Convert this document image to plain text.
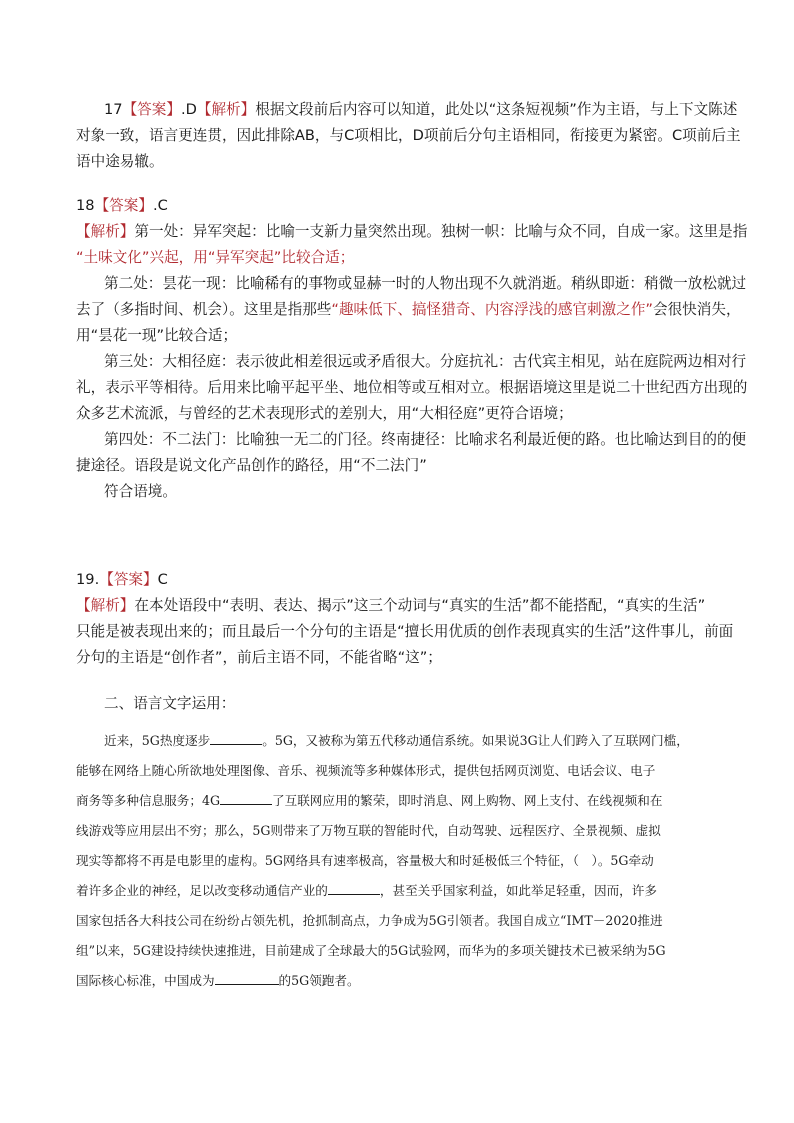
17【答案】.D【解析】根据文段前后内容可以知道，此处以“这条短视频”作为主语，与上下文陈述
对象一致，语言更连贯，因此排除AB，与C项相比，D项前后分句主语相同，衔接更为紧密。C项前后主
语中途易辙。
18【答案】.C
【解析】第一处：异军突起：比喻一支新力量突然出现。独树一帜：比喻与众不同，自成一家。这里是指
“土味文化”兴起，用“异军突起”比较合适；
第二处：昙花一现：比喻稀有的事物或显赫一时的人物出现不久就消逝。稍纵即逝：稍微一放松就过
去了（多指时间、机会）。这里是指那些“趣味低下、搞怪猎奇、内容浮浅的感官刺激之作”会很快消失，
用“昙花一现”比较合适；
第三处：大相径庭：表示彼此相差很远或矛盾很大。分庭抗礼：古代宾主相见，站在庭院两边相对行
礼，表示平等相待。后用来比喻平起平坐、地位相等或互相对立。根据语境这里是说二十世纪西方出现的
众多艺术流派，与曾经的艺术表现形式的差别大，用“大相径庭”更符合语境；
第四处：不二法门：比喻独一无二的门径。终南捷径：比喻求名利最近便的路。也比喻达到目的的便
捷途径。语段是说文化产品创作的路径，用“不二法门”
符合语境。
19.【答案】C
【解析】在本处语段中“表明、表达、揭示”这三个动词与“真实的生活”都不能搭配，“真实的生活”
只能是被表现出来的；而且最后一个分句的主语是“擅长用优质的创作表现真实的生活”这件事儿，前面
分句的主语是“创作者”，前后主语不同，不能省略“这”；
二、语言文字运用：
近来，5G热度逐步	。5G，又被称为第五代移动通信系统。如果说3G让人们跨入了互联网门槛，
能够在网络上随心所欲地处理图像、音乐、视频流等多种媒体形式，提供包括网页浏览、电话会议、电子
商务等多种信息服务；4G	了互联网应用的繁荣，即时消息、网上购物、网上支付、在线视频和在
线游戏等应用层出不穷；那么，5G则带来了万物互联的智能时代，自动驾驶、远程医疗、全景视频、虚拟
现实等都将不再是电影里的虚构。5G网络具有速率极高，容量极大和时延极低三个特征，（　）。5G牵动
着许多企业的神经，足以改变移动通信产业的	，甚至关乎国家利益，如此举足轻重，因而，许多
国家包括各大科技公司在纷纷占领先机，抢抓制高点，力争成为5G引领者。我国自成立“IMT－2020推进
组”以来，5G建设持续快速推进，目前建成了全球最大的5G试验网，而华为的多项关键技术已被采纳为5G
国际核心标准，中国成为	的5G领跑者。
